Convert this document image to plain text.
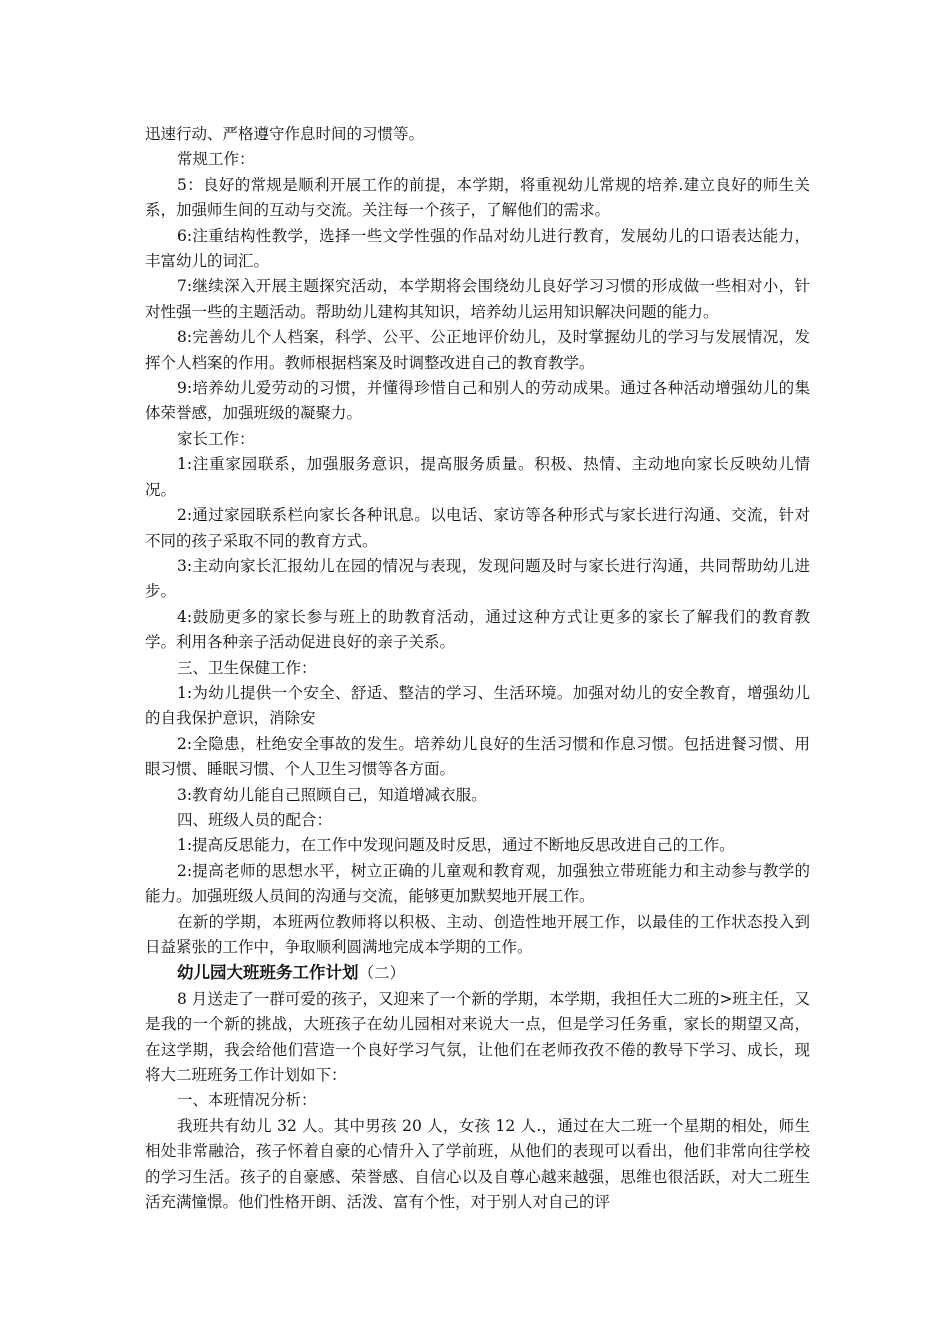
迅速行动、严格遵守作息时间的习惯等。

常规工作：

5：良好的常规是顺利开展工作的前提，本学期，将重视幼儿常规的培养.建立良好的师生关系，加强师生间的互动与交流。关注每一个孩子，了解他们的需求。

6:注重结构性教学，选择一些文学性强的作品对幼儿进行教育，发展幼儿的口语表达能力，丰富幼儿的词汇。

7:继续深入开展主题探究活动，本学期将会围绕幼儿良好学习习惯的形成做一些相对小，针对性强一些的主题活动。帮助幼儿建构其知识，培养幼儿运用知识解决问题的能力。

8:完善幼儿个人档案，科学、公平、公正地评价幼儿，及时掌握幼儿的学习与发展情况，发挥个人档案的作用。教师根据档案及时调整改进自己的教育教学。

9:培养幼儿爱劳动的习惯，并懂得珍惜自己和别人的劳动成果。通过各种活动增强幼儿的集体荣誉感，加强班级的凝聚力。

家长工作：

1:注重家园联系，加强服务意识，提高服务质量。积极、热情、主动地向家长反映幼儿情况。

2:通过家园联系栏向家长各种讯息。以电话、家访等各种形式与家长进行沟通、交流，针对不同的孩子采取不同的教育方式。

3:主动向家长汇报幼儿在园的情况与表现，发现问题及时与家长进行沟通，共同帮助幼儿进步。

4:鼓励更多的家长参与班上的助教育活动，通过这种方式让更多的家长了解我们的教育教学。利用各种亲子活动促进良好的亲子关系。

三、卫生保健工作：

1:为幼儿提供一个安全、舒适、整洁的学习、生活环境。加强对幼儿的安全教育，增强幼儿的自我保护意识，消除安

2:全隐患，杜绝安全事故的发生。培养幼儿良好的生活习惯和作息习惯。包括进餐习惯、用眼习惯、睡眠习惯、个人卫生习惯等各方面。

3:教育幼儿能自己照顾自己，知道增减衣服。

四、班级人员的配合：

1:提高反思能力，在工作中发现问题及时反思，通过不断地反思改进自己的工作。

2:提高老师的思想水平，树立正确的儿童观和教育观，加强独立带班能力和主动参与教学的能力。加强班级人员间的沟通与交流，能够更加默契地开展工作。

在新的学期，本班两位教师将以积极、主动、创造性地开展工作，以最佳的工作状态投入到日益紧张的工作中，争取顺利圆满地完成本学期的工作。

幼儿园大班班务工作计划（二）

8 月送走了一群可爱的孩子，又迎来了一个新的学期，本学期，我担任大二班的>班主任，又是我的一个新的挑战，大班孩子在幼儿园相对来说大一点，但是学习任务重，家长的期望又高，在这学期，我会给他们营造一个良好学习气氛，让他们在老师孜孜不倦的教导下学习、成长，现将大二班班务工作计划如下：

一、本班情况分析：

我班共有幼儿 32 人。其中男孩 20 人，女孩 12 人.，通过在大二班一个星期的相处，师生相处非常融洽，孩子怀着自豪的心情升入了学前班，从他们的表现可以看出，他们非常向往学校的学习生活。孩子的自豪感、荣誉感、自信心以及自尊心越来越强，思维也很活跃，对大二班生活充满憧憬。他们性格开朗、活泼、富有个性，对于别人对自己的评
